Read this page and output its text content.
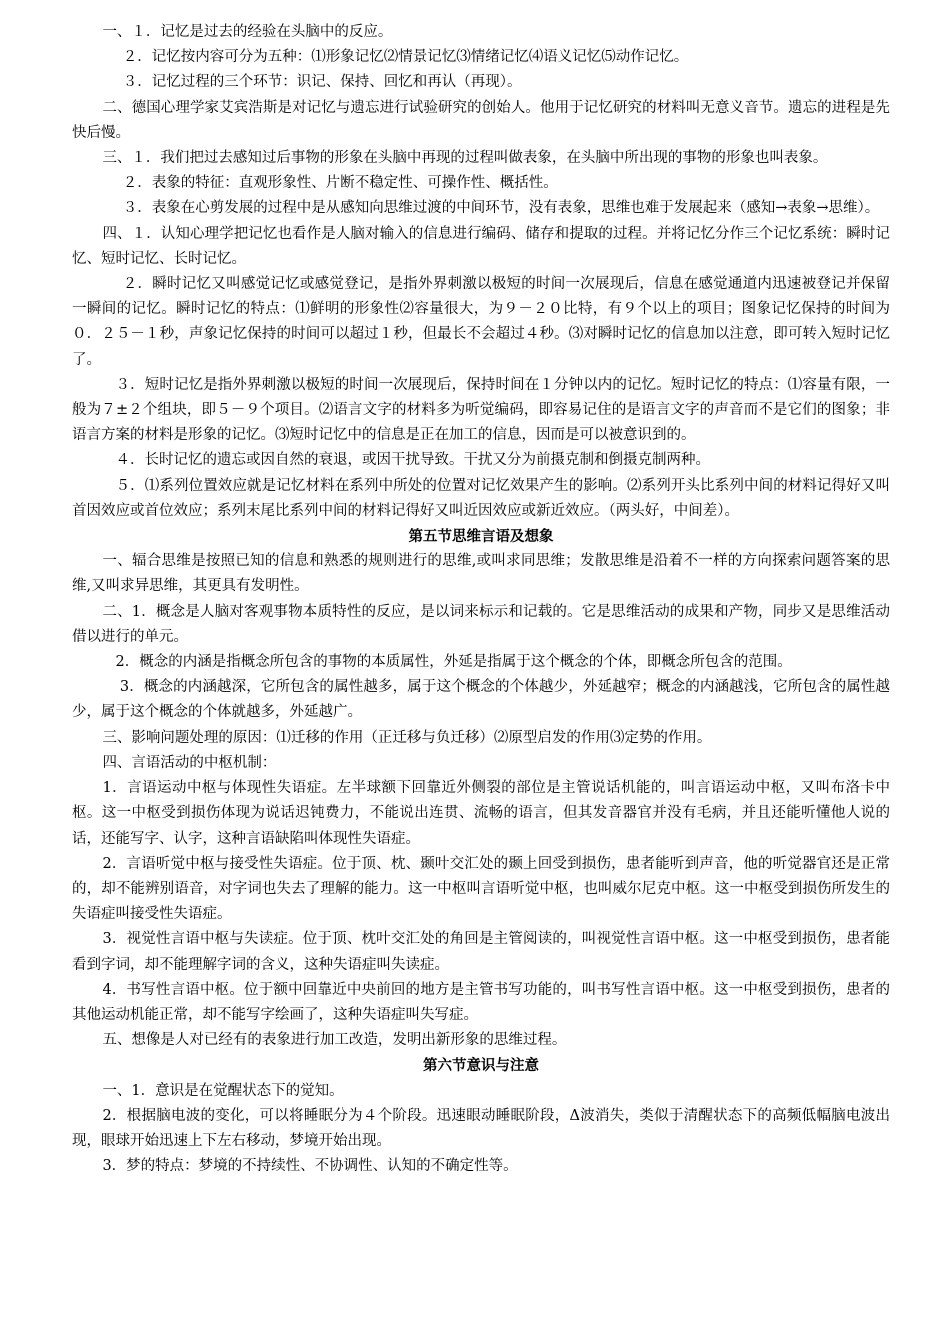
一、１．记忆是过去的经验在头脑中的反应。

２．记忆按内容可分为五种：⑴形象记忆⑵情景记忆⑶情绪记忆⑷语义记忆⑸动作记忆。

３．记忆过程的三个环节：识记、保持、回忆和再认（再现）。

二、德国心理学家艾宾浩斯是对记忆与遗忘进行试验研究的创始人。他用于记忆研究的材料叫无意义音节。遗忘的进程是先快后慢。

三、１．我们把过去感知过后事物的形象在头脑中再现的过程叫做表象，在头脑中所出现的事物的形象也叫表象。

２．表象的特征：直观形象性、片断不稳定性、可操作性、概括性。

３．表象在心剪发展的过程中是从感知向思维过渡的中间环节，没有表象，思维也难于发展起来（感知→表象→思维）。

四、１．认知心理学把记忆也看作是人脑对输入的信息进行编码、储存和提取的过程。并将记忆分作三个记忆系统：瞬时记忆、短时记忆、长时记忆。

２．瞬时记忆又叫感觉记忆或感觉登记，是指外界刺激以极短的时间一次展现后，信息在感觉通道内迅速被登记并保留一瞬间的记忆。瞬时记忆的特点：⑴鲜明的形象性⑵容量很大，为９－２０比特，有９个以上的项目；图象记忆保持的时间为０．２５－１秒，声象记忆保持的时间可以超过１秒，但最长不会超过４秒。⑶对瞬时记忆的信息加以注意，即可转入短时记忆了。

３．短时记忆是指外界刺激以极短的时间一次展现后，保持时间在１分钟以内的记忆。短时记忆的特点：⑴容量有限，一般为７±２个组块，即５－９个项目。⑵语言文字的材料多为听觉编码，即容易记住的是语言文字的声音而不是它们的图象；非语言方案的材料是形象的记忆。⑶短时记忆中的信息是正在加工的信息，因而是可以被意识到的。

４．长时记忆的遗忘或因自然的衰退，或因干扰导致。干扰又分为前摄克制和倒摄克制两种。

５．⑴系列位置效应就是记忆材料在系列中所处的位置对记忆效果产生的影响。⑵系列开头比系列中间的材料记得好又叫首因效应或首位效应；系列末尾比系列中间的材料记得好又叫近因效应或新近效应。（两头好，中间差）。

第五节思维言语及想象

一、辐合思维是按照已知的信息和熟悉的规则进行的思维,或叫求同思维；发散思维是沿着不一样的方向探索问题答案的思维,又叫求异思维，其更具有发明性。

二、1．概念是人脑对客观事物本质特性的反应，是以词来标示和记载的。它是思维活动的成果和产物，同步又是思维活动借以进行的单元。

2．概念的内涵是指概念所包含的事物的本质属性，外延是指属于这个概念的个体，即概念所包含的范围。

3．概念的内涵越深，它所包含的属性越多，属于这个概念的个体越少，外延越窄；概念的内涵越浅，它所包含的属性越少，属于这个概念的个体就越多，外延越广。

三、影响问题处理的原因：⑴迁移的作用（正迁移与负迁移）⑵原型启发的作用⑶定势的作用。

四、言语活动的中枢机制：

1．言语运动中枢与体现性失语症。左半球额下回靠近外侧裂的部位是主管说话机能的，叫言语运动中枢，又叫布洛卡中枢。这一中枢受到损伤体现为说话迟钝费力，不能说出连贯、流畅的语言，但其发音器官并没有毛病，并且还能听懂他人说的话，还能写字、认字，这种言语缺陷叫体现性失语症。

2．言语听觉中枢与接受性失语症。位于顶、枕、颞叶交汇处的颞上回受到损伤，患者能听到声音，他的听觉器官还是正常的，却不能辨别语音，对字词也失去了理解的能力。这一中枢叫言语听觉中枢，也叫威尔尼克中枢。这一中枢受到损伤所发生的失语症叫接受性失语症。

3．视觉性言语中枢与失读症。位于顶、枕叶交汇处的角回是主管阅读的，叫视觉性言语中枢。这一中枢受到损伤，患者能看到字词，却不能理解字词的含义，这种失语症叫失读症。

4．书写性言语中枢。位于额中回靠近中央前回的地方是主管书写功能的，叫书写性言语中枢。这一中枢受到损伤，患者的其他运动机能正常，却不能写字绘画了，这种失语症叫失写症。

五、想像是人对已经有的表象进行加工改造，发明出新形象的思维过程。

第六节意识与注意

一、1．意识是在觉醒状态下的觉知。

2．根据脑电波的变化，可以将睡眠分为４个阶段。迅速眼动睡眠阶段，Δ波消失，类似于清醒状态下的高频低幅脑电波出现，眼球开始迅速上下左右移动，梦境开始出现。

3．梦的特点：梦境的不持续性、不协调性、认知的不确定性等。
